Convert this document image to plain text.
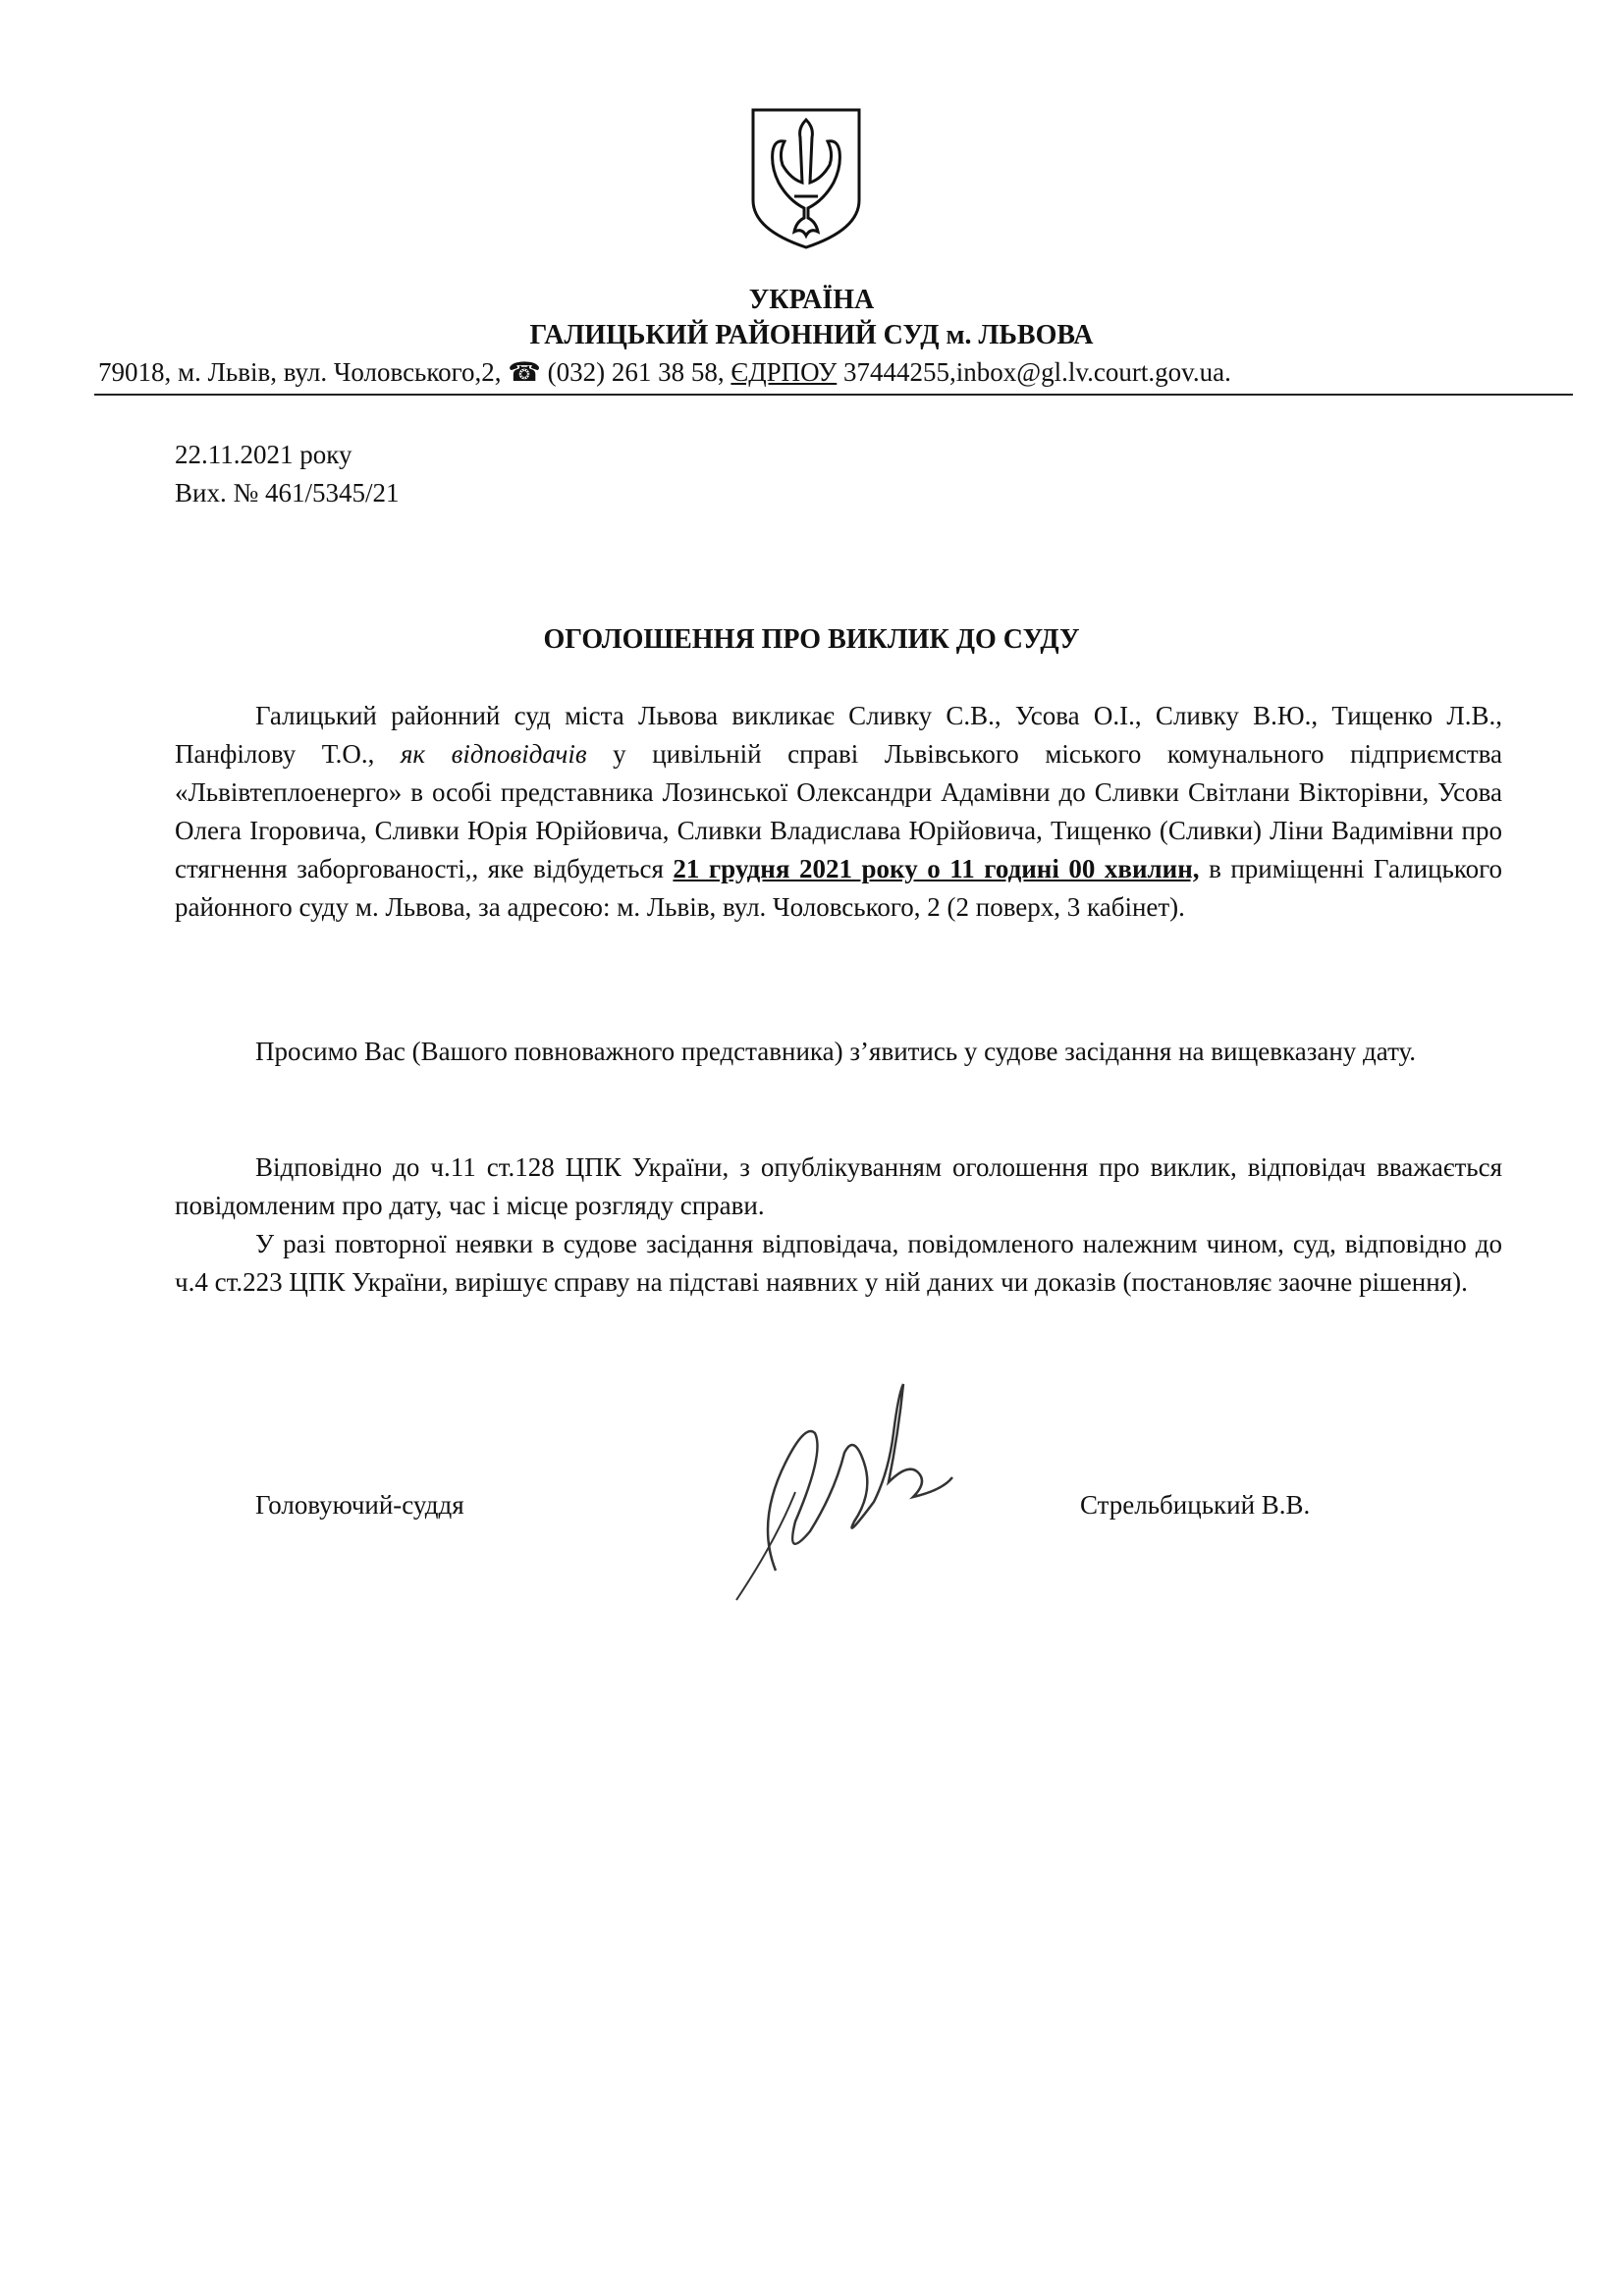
УКРАЇНА
ГАЛИЦЬКИЙ РАЙОННИЙ СУД м. ЛЬВОВА
79018, м. Львів, вул. Чоловського,2, ☎ (032) 261 38 58, ЄДРПОУ 37444255,inbox@gl.lv.court.gov.ua.
22.11.2021 року
Вих. № 461/5345/21
ОГОЛОШЕННЯ ПРО ВИКЛИК ДО СУДУ
Галицький районний суд міста Львова викликає Сливку С.В., Усова О.І., Сливку В.Ю., Тищенко Л.В., Панфілову Т.О., як відповідачів у цивільній справі Львівського міського комунального підприємства «Львівтеплоенерго» в особі представника Лозинської Олександри Адамівни до Сливки Світлани Вікторівни, Усова Олега Ігоровича, Сливки Юрія Юрійовича, Сливки Владислава Юрійовича, Тищенко (Сливки) Ліни Вадимівни про стягнення заборгованості,, яке відбудеться 21 грудня 2021 року о 11 годині 00 хвилин, в приміщенні Галицького районного суду м. Львова, за адресою: м. Львів, вул. Чоловського, 2 (2 поверх, 3 кабінет).
Просимо Вас (Вашого повноважного представника) з’явитись у судове засідання на вищевказану дату.
Відповідно до ч.11 ст.128 ЦПК України, з опублікуванням оголошення про виклик, відповідач вважається повідомленим про дату, час і місце розгляду справи.
У разі повторної неявки в судове засідання відповідача, повідомленого належним чином, суд, відповідно до ч.4 ст.223 ЦПК України, вирішує справу на підставі наявних у ній даних чи доказів (постановляє заочне рішення).
Головуючий-суддя	Стрельбицький В.В.
